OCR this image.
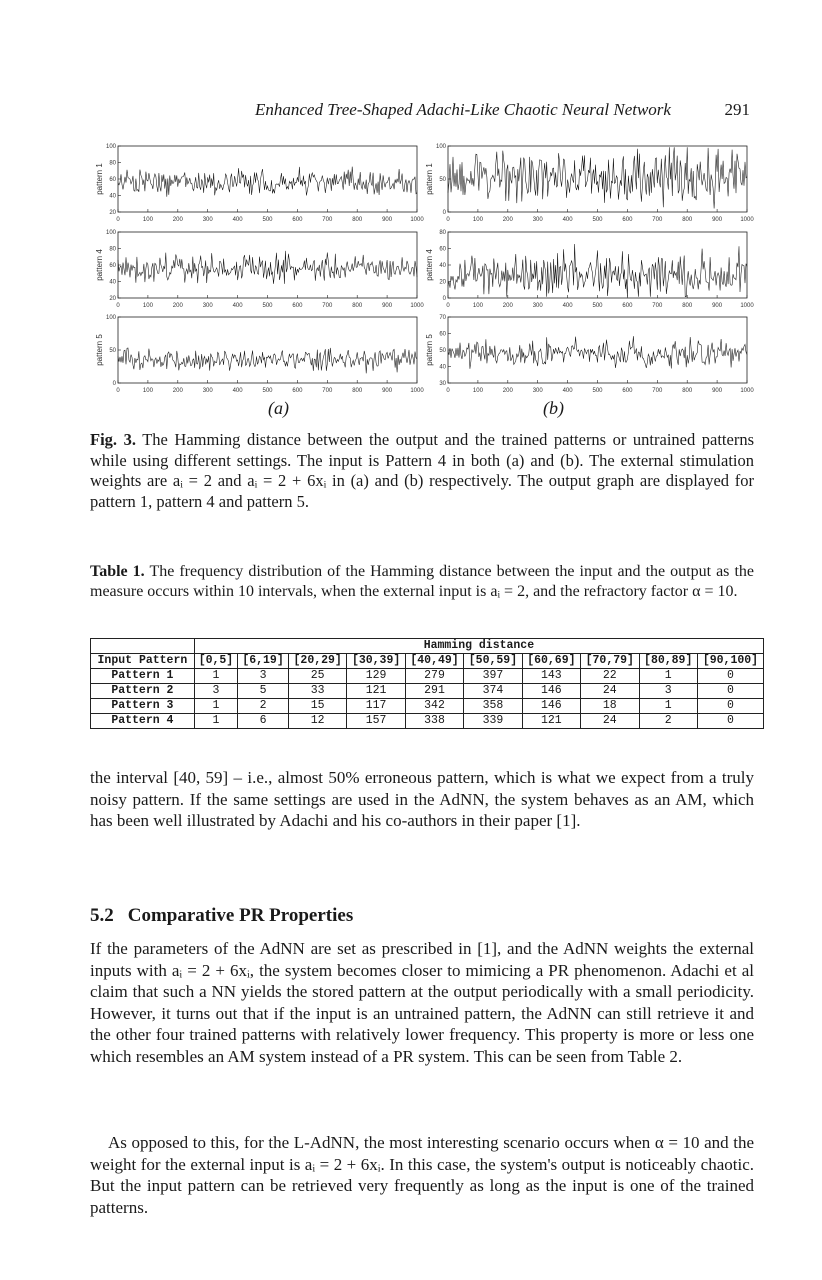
Enhanced Tree-Shaped Adachi-Like Chaotic Neural Network	291
0	100	200	300	400	500	600	700	800	900	1000
20
40
60
80
100
pattern 1
0	100	200	300	400	500	600	700	800	900	1000
20
40
60
80
100
pattern 4
0	100	200	300	400	500	600	700	800	900	1000
0
50
100
pattern 5
0	100	200	300	400	500	600	700	800	900	1000
0
50
100
pattern 1
0	100	200	300	400	500	600	700	800	900	1000
0
20
40
60
80
pattern 4
0	100	200	300	400	500	600	700	800	900	1000
30
40
50
60
70
pattern 5
(a)	(b)

Fig. 3. The Hamming distance between the output and the trained patterns or untrained patterns while using different settings. The input is Pattern 4 in both (a) and (b). The external stimulation weights are aᵢ = 2 and aᵢ = 2 + 6xᵢ in (a) and (b) respectively. The output graph are displayed for pattern 1, pattern 4 and pattern 5.

Table 1. The frequency distribution of the Hamming distance between the input and the output as the measure occurs within 10 intervals, when the external input is aᵢ = 2, and the refractory factor α = 10.

	Hamming distance									
Input Pattern	[0,5]	[6,19]	[20,29]	[30,39]	[40,49]	[50,59]	[60,69]	[70,79]	[80,89]	[90,100]
Pattern 1	1	3	25	129	279	397	143	22	1	0
Pattern 2	3	5	33	121	291	374	146	24	3	0
Pattern 3	1	2	15	117	342	358	146	18	1	0
Pattern 4	1	6	12	157	338	339	121	24	2	0

the interval [40, 59] – i.e., almost 50% erroneous pattern, which is what we expect from a truly noisy pattern. If the same settings are used in the AdNN, the system behaves as an AM, which has been well illustrated by Adachi and his co-authors in their paper [1].

5.2 Comparative PR Properties

If the parameters of the AdNN are set as prescribed in [1], and the AdNN weights the external inputs with aᵢ = 2 + 6xᵢ, the system becomes closer to mimicing a PR phenomenon. Adachi et al claim that such a NN yields the stored pattern at the output periodically with a small periodicity. However, it turns out that if the input is an untrained pattern, the AdNN can still retrieve it and the other four trained patterns with relatively lower frequency. This property is more or less one which resembles an AM system instead of a PR system. This can be seen from Table 2.

As opposed to this, for the L-AdNN, the most interesting scenario occurs when α = 10 and the weight for the external input is aᵢ = 2 + 6xᵢ. In this case, the system's output is noticeably chaotic. But the input pattern can be retrieved very frequently as long as the input is one of the trained patterns.
